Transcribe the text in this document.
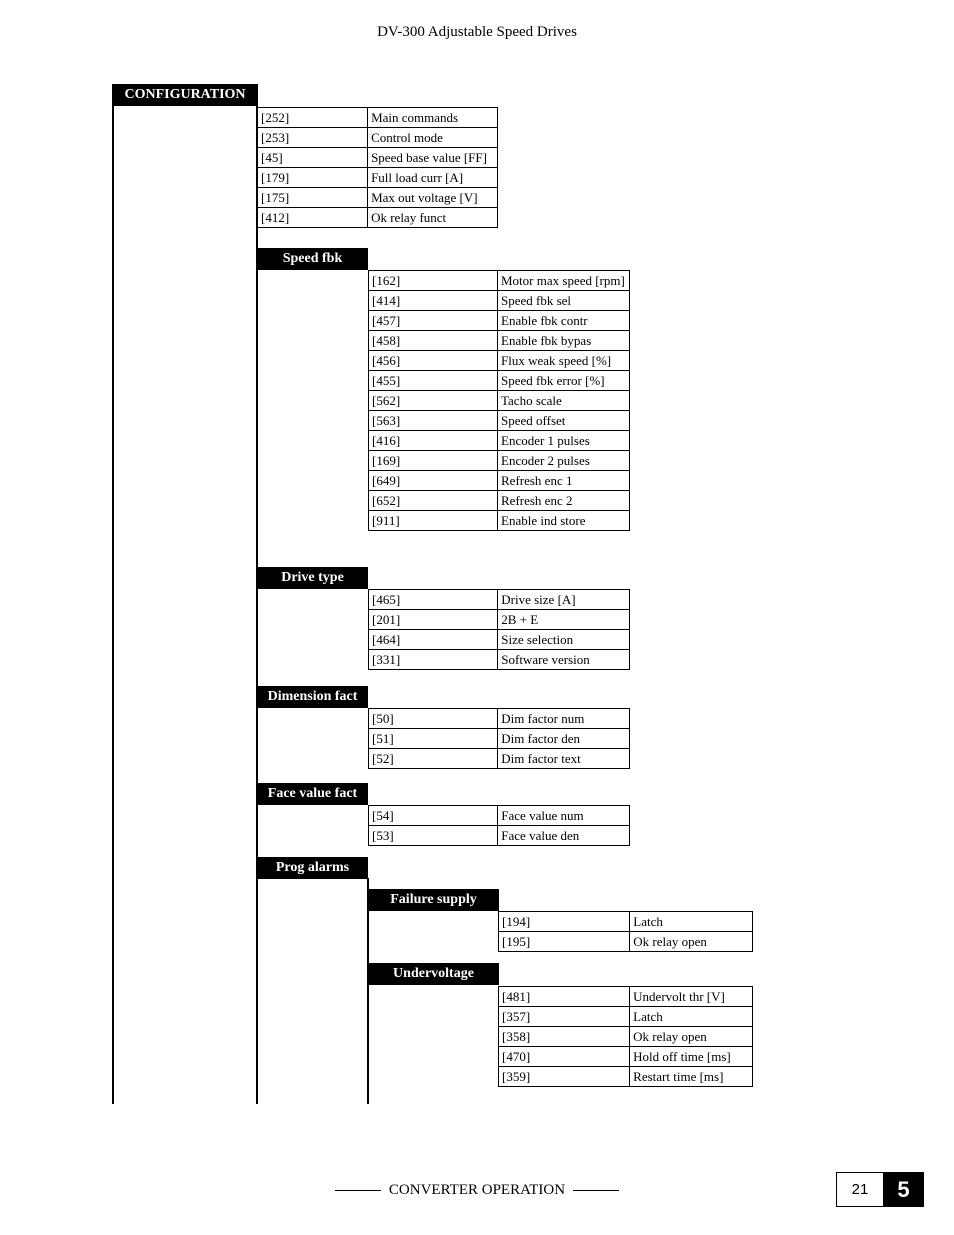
DV-300 Adjustable Speed Drives
CONFIGURATION
[252]	Main commands
[253]	Control mode
[45]	Speed base value [FF]
[179]	Full load curr [A]
[175]	Max out voltage [V]
[412]	Ok relay funct
Speed fbk
[162]	Motor max speed [rpm]
[414]	Speed fbk sel
[457]	Enable fbk contr
[458]	Enable fbk bypas
[456]	Flux weak speed [%]
[455]	Speed fbk error [%]
[562]	Tacho scale
[563]	Speed offset
[416]	Encoder 1 pulses
[169]	Encoder 2 pulses
[649]	Refresh enc 1
[652]	Refresh enc 2
[911]	Enable ind store
Drive type
[465]	Drive size [A]
[201]	2B + E
[464]	Size selection
[331]	Software version
Dimension fact
[50]	Dim factor num
[51]	Dim factor den
[52]	Dim factor text
Face value fact
[54]	Face value num
[53]	Face value den
Prog alarms
Failure supply
[194]	Latch
[195]	Ok relay open
Undervoltage
[481]	Undervolt thr [V]
[357]	Latch
[358]	Ok relay open
[470]	Hold off time [ms]
[359]	Restart time [ms]
CONVERTER OPERATION	21	5
